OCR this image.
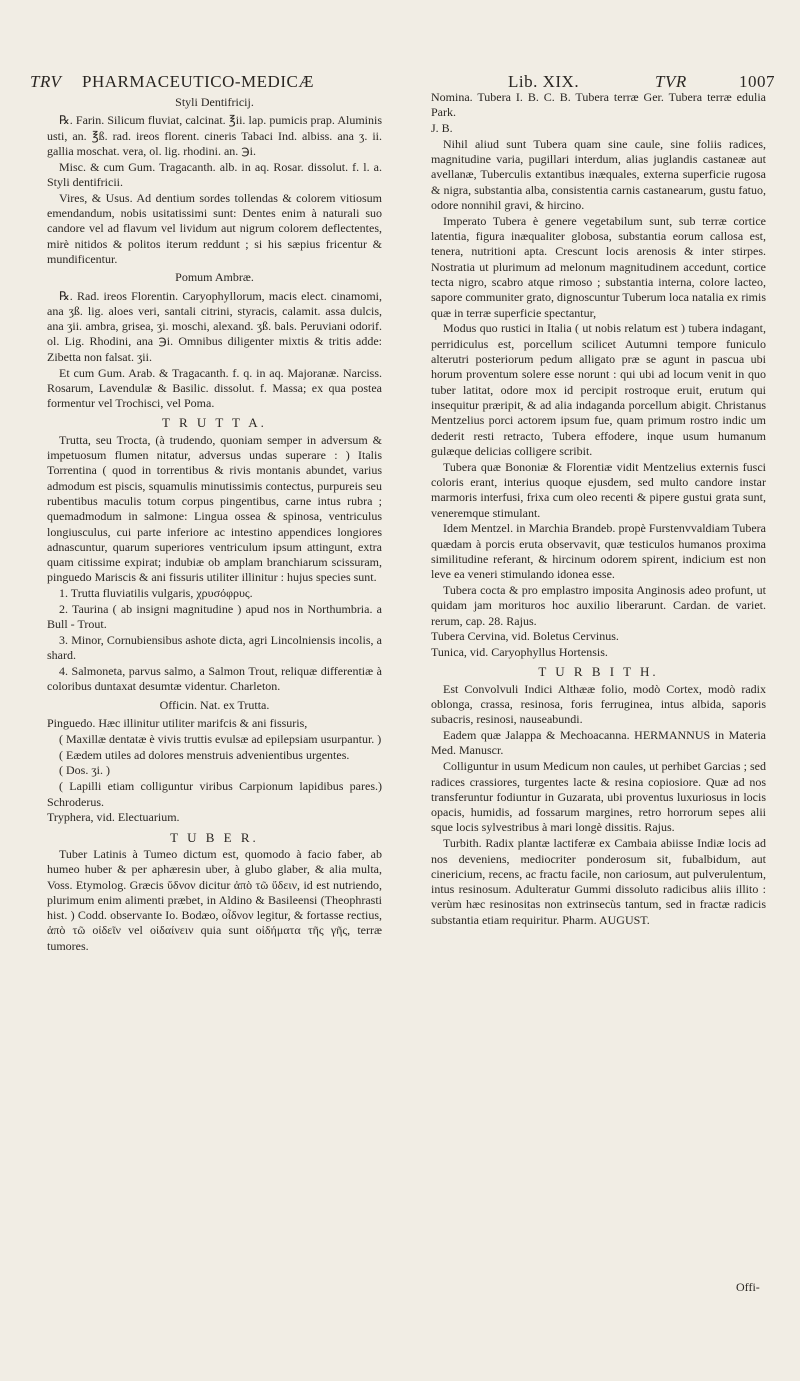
TRV PHARMACEUTICO-MEDICÆ	Lib. XIX.	TVR	1007

Styli Dentifricij.

℞. Farin. Silicum fluviat, calcinat. ℥ii. lap. pumicis prap. Aluminis usti, an. ℥ß. rad. ireos florent. cineris Tabaci Ind. albiss. ana ʒ. ii. gallia moschat. vera, ol. lig. rhodini. an. ℈i.

Misc. & cum Gum. Tragacanth. alb. in aq. Rosar. dissolut. f. l. a. Styli dentifricii.

Vires, & Usus. Ad dentium sordes tollendas & colorem vitiosum emendandum, nobis usitatissimi sunt: Dentes enim à naturali suo candore vel ad flavum vel lividum aut nigrum colorem deflectentes, mirè nitidos & politos iterum reddunt ; si his sæpius fricentur & mundificentur.

Pomum Ambræ.

℞. Rad. ireos Florentin. Caryophyllorum, macis elect. cinamomi, ana ʒß. lig. aloes veri, santali citrini, styracis, calamit. assa dulcis, ana ʒii. ambra, grisea, ʒi. moschi, alexand. ʒß. bals. Peruviani odorif. ol. Lig. Rhodini, ana ℈i. Omnibus diligenter mixtis & tritis adde: Zibetta non falsat. ʒii.

Et cum Gum. Arab. & Tragacanth. f. q. in aq. Majoranæ. Narciss. Rosarum, Lavendulæ & Basilic. dissolut. f. Massa; ex qua postea formentur vel Trochisci, vel Poma.

T R U T T A.

Trutta, seu Trocta, (à trudendo, quoniam semper in adversum & impetuosum flumen nitatur, adversus undas superare : ) Italis Torrentina ( quod in torrentibus & rivis montanis abundet, varius admodum est piscis, squamulis minutissimis contectus, purpureis seu rubentibus maculis totum corpus pingentibus, carne intus rubra ; quemadmodum in salmone: Lingua ossea & spinosa, ventriculus longiusculus, cui parte inferiore ac intestino appendices longiores adnascuntur, quarum superiores ventriculum ipsum attingunt, extra quam citissime expirat; indubiæ ob amplam branchiarum scissuram, pinguedo Mariscis & ani fissuris utiliter illinitur : hujus species sunt.

1. Trutta fluviatilis vulgaris, χρυσόφρυς.

2. Taurina ( ab insigni magnitudine ) apud nos in Northumbria. a Bull - Trout.

3. Minor, Cornubiensibus ashote dicta, agri Lincolniensis incolis, a shard.

4. Salmoneta, parvus salmo, a Salmon Trout, reliquæ differentiæ à coloribus duntaxat desumtæ videntur. Charleton.

Officin. Nat. ex Trutta.

Pinguedo. Hæc illinitur utiliter marifcis & ani fissuris,

( Maxillæ dentatæ è vivis truttis evulsæ ad epilepsiam usurpantur. )

( Eædem utiles ad dolores menstruis advenientibus urgentes.

( Dos. ʒi. )

( Lapilli etiam colliguntur viribus Carpionum lapidibus pares.) Schroderus.

Tryphera, vid. Electuarium.

T U B E R.

Tuber Latinis à Tumeo dictum est, quomodo à facio faber, ab humeo huber & per aphæresin uber, à glubo glaber, & alia multa, Voss. Etymolog. Græcis ὕδνον dicitur ἀπὸ τῶ ὕδειν, id est nutriendo, plurimum enim alimenti præbet, in Aldino & Basileensi (Theophrasti hist. ) Codd. observante Io. Bodæo, οἶδνον legitur, & fortasse rectius, ἀπὸ τῶ οἰδεῖν vel οἰδαίνειν quia sunt οἰδήματα τῆς γῆς, terræ tumores.

Nomina. Tubera I. B. C. B. Tubera terræ Ger. Tubera terræ edulia Park.

J. B.

Nihil aliud sunt Tubera quam sine caule, sine foliis radices, magnitudine varia, pugillari interdum, alias juglandis castaneæ aut avellanæ, Tuberculis extantibus inæquales, externa superficie rugosa & nigra, substantia alba, consistentia carnis castanearum, gustu fatuo, odore nonnihil gravi, & hircino.

Imperato Tubera è genere vegetabilum sunt, sub terræ cortice latentia, figura inæqualiter globosa, substantia eorum callosa est, tenera, nutritioni apta. Crescunt locis arenosis & inter stirpes. Nostratia ut plurimum ad melonum magnitudinem accedunt, cortice tecta nigro, scabro atque rimoso ; substantia interna, colore lacteo, sapore communiter grato, dignoscuntur Tuberum loca natalia ex rimis quæ in terræ superficie spectantur,

Modus quo rustici in Italia ( ut nobis relatum est ) tubera indagant, perridiculus est, porcellum scilicet Autumni tempore funiculo alterutri posteriorum pedum alligato præ se agunt in pascua ubi horum proventum solere esse norunt : qui ubi ad locum venit in quo tuber latitat, odore mox id percipit rostroque eruit, erutum qui insequitur præripit, & ad alia indaganda porcellum abigit. Christanus Mentzelius porci actorem ipsum fue, quam primum rostro indic um dederit resti retracto, Tubera effodere, inque usum humanum gulæque delicias colligere scribit.

Tubera quæ Bononiæ & Florentiæ vidit Mentzelius externis fusci coloris erant, interius quoque ejusdem, sed multo candore instar marmoris interfusi, frixa cum oleo recenti & pipere gustui grata sunt, veneremque stimulant.

Idem Mentzel. in Marchia Brandeb. propè Furstenvvaldiam Tubera quædam à porcis eruta observavit, quæ testiculos humanos proxima similitudine referant, & hircinum odorem spirent, indicium est non leve ea veneri stimulando idonea esse.

Tubera cocta & pro emplastro imposita Anginosis adeo profunt, ut quidam jam morituros hoc auxilio liberarunt. Cardan. de variet. rerum, cap. 28. Rajus.

Tubera Cervina, vid. Boletus Cervinus.

Tunica, vid. Caryophyllus Hortensis.

T U R B I T H.

Est Convolvuli Indici Althææ folio, modò Cortex, modò radix oblonga, crassa, resinosa, foris ferruginea, intus albida, saporis subacris, resinosi, nauseabundi.

Eadem quæ Jalappa & Mechoacanna. HERMANNUS in Materia Med. Manuscr.

Colliguntur in usum Medicum non caules, ut perhibet Garcias ; sed radices crassiores, turgentes lacte & resina copiosiore. Quæ ad nos transferuntur fodiuntur in Guzarata, ubi proventus luxuriosus in locis opacis, humidis, ad fossarum margines, retro horrorum sepes alii sque locis sylvestribus à mari longè dissitis. Rajus.

Turbith. Radix plantæ lactiferæ ex Cambaia abiisse Indiæ locis ad nos deveniens, mediocriter ponderosum sit, fubalbidum, aut cinericium, recens, ac fractu facile, non cariosum, aut pulverulentum, intus resinosum. Adulteratur Gummi dissoluto radicibus aliis illito : verùm hæc resinositas non extrinsecùs tantum, sed in fractæ radicis substantia etiam requiritur. Pharm. AUGUST.

Offi-
